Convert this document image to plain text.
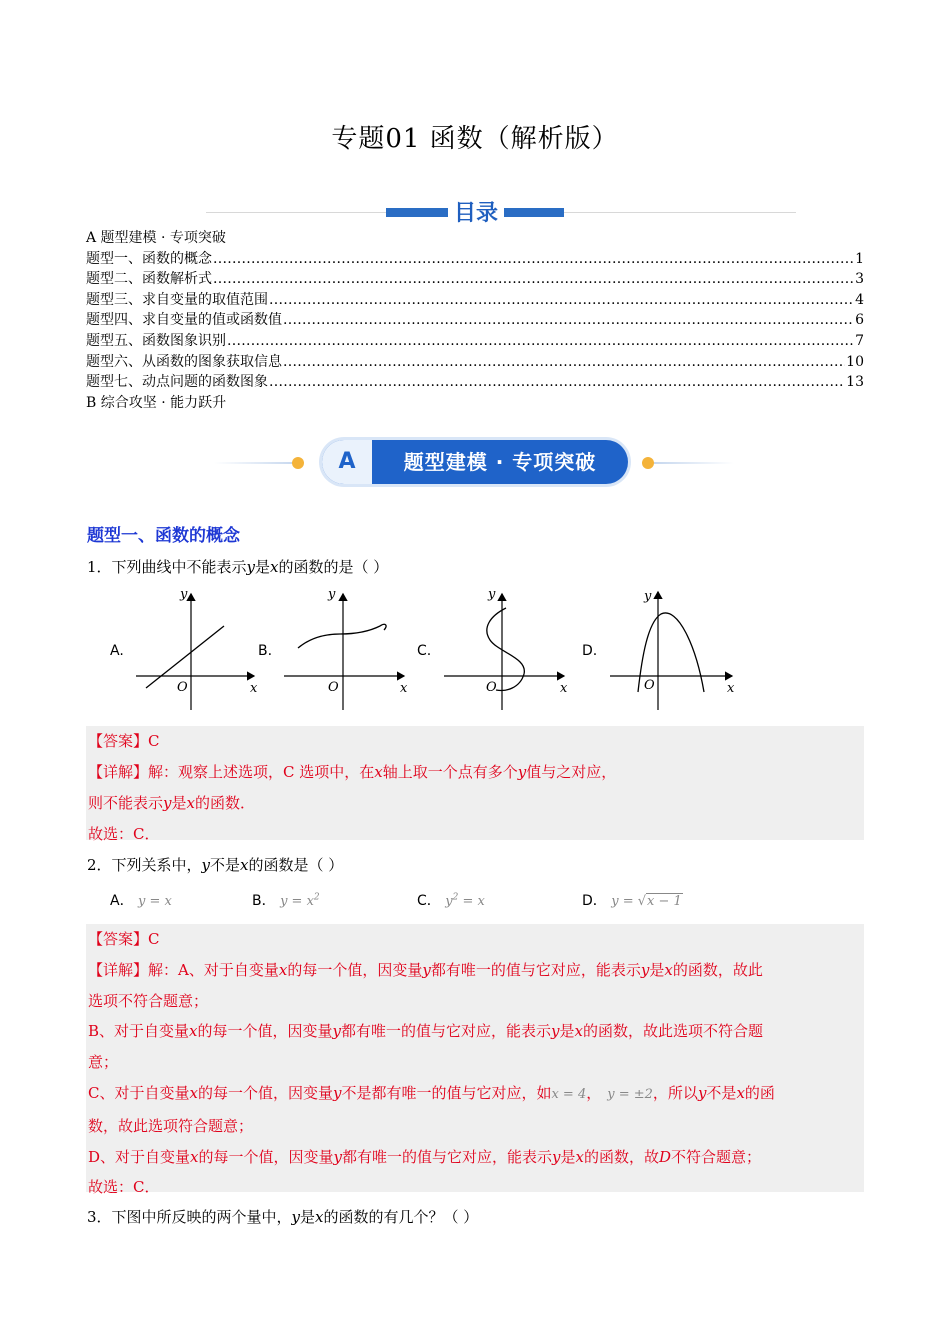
专题01 函数（解析版）
目录
A 题型建模 · 专项突破
题型一、函数的概念 .....	1
题型二、函数解析式 .....	3
题型三、求自变量的取值范围 .....	4
题型四、求自变量的值或函数值 .....	6
题型五、函数图象识别 .....	7
题型六、从函数的图象获取信息 .....	10
题型七、动点问题的函数图象 .....	13
B 综合攻坚 · 能力跃升
A	题型建模 · 专项突破
题型一、函数的概念
1．下列曲线中不能表示y是x的函数的是（ ）
A.	B.	C.	D.
y
x
O
y
x
O
y
x
O
y
x
O

【答案】C

【详解】解：观察上述选项，C 选项中，在x轴上取一个点有多个y值与之对应，

则不能表示y是x的函数．

故选：C．

2．下列关系中，y不是x的函数是（ ）
A． y = x	B． $y = x^2$	C． $y^2 = x$	D． y = √x − 1

【答案】C

【详解】解：A、对于自变量x的每一个值，因变量y都有唯一的值与它对应，能表示y是x的函数，故此

选项不符合题意；

B、对于自变量x的每一个值，因变量y都有唯一的值与它对应，能表示y是x的函数，故此选项不符合题

意；

C、对于自变量x的每一个值，因变量y不是都有唯一的值与它对应，如x = 4， y = ±2，所以y不是x的函

数，故此选项符合题意；

D、对于自变量x的每一个值，因变量y都有唯一的值与它对应，能表示y是x的函数，故D不符合题意；

故选：C．

3．下图中所反映的两个量中，y是x的函数的有几个？（ ）
